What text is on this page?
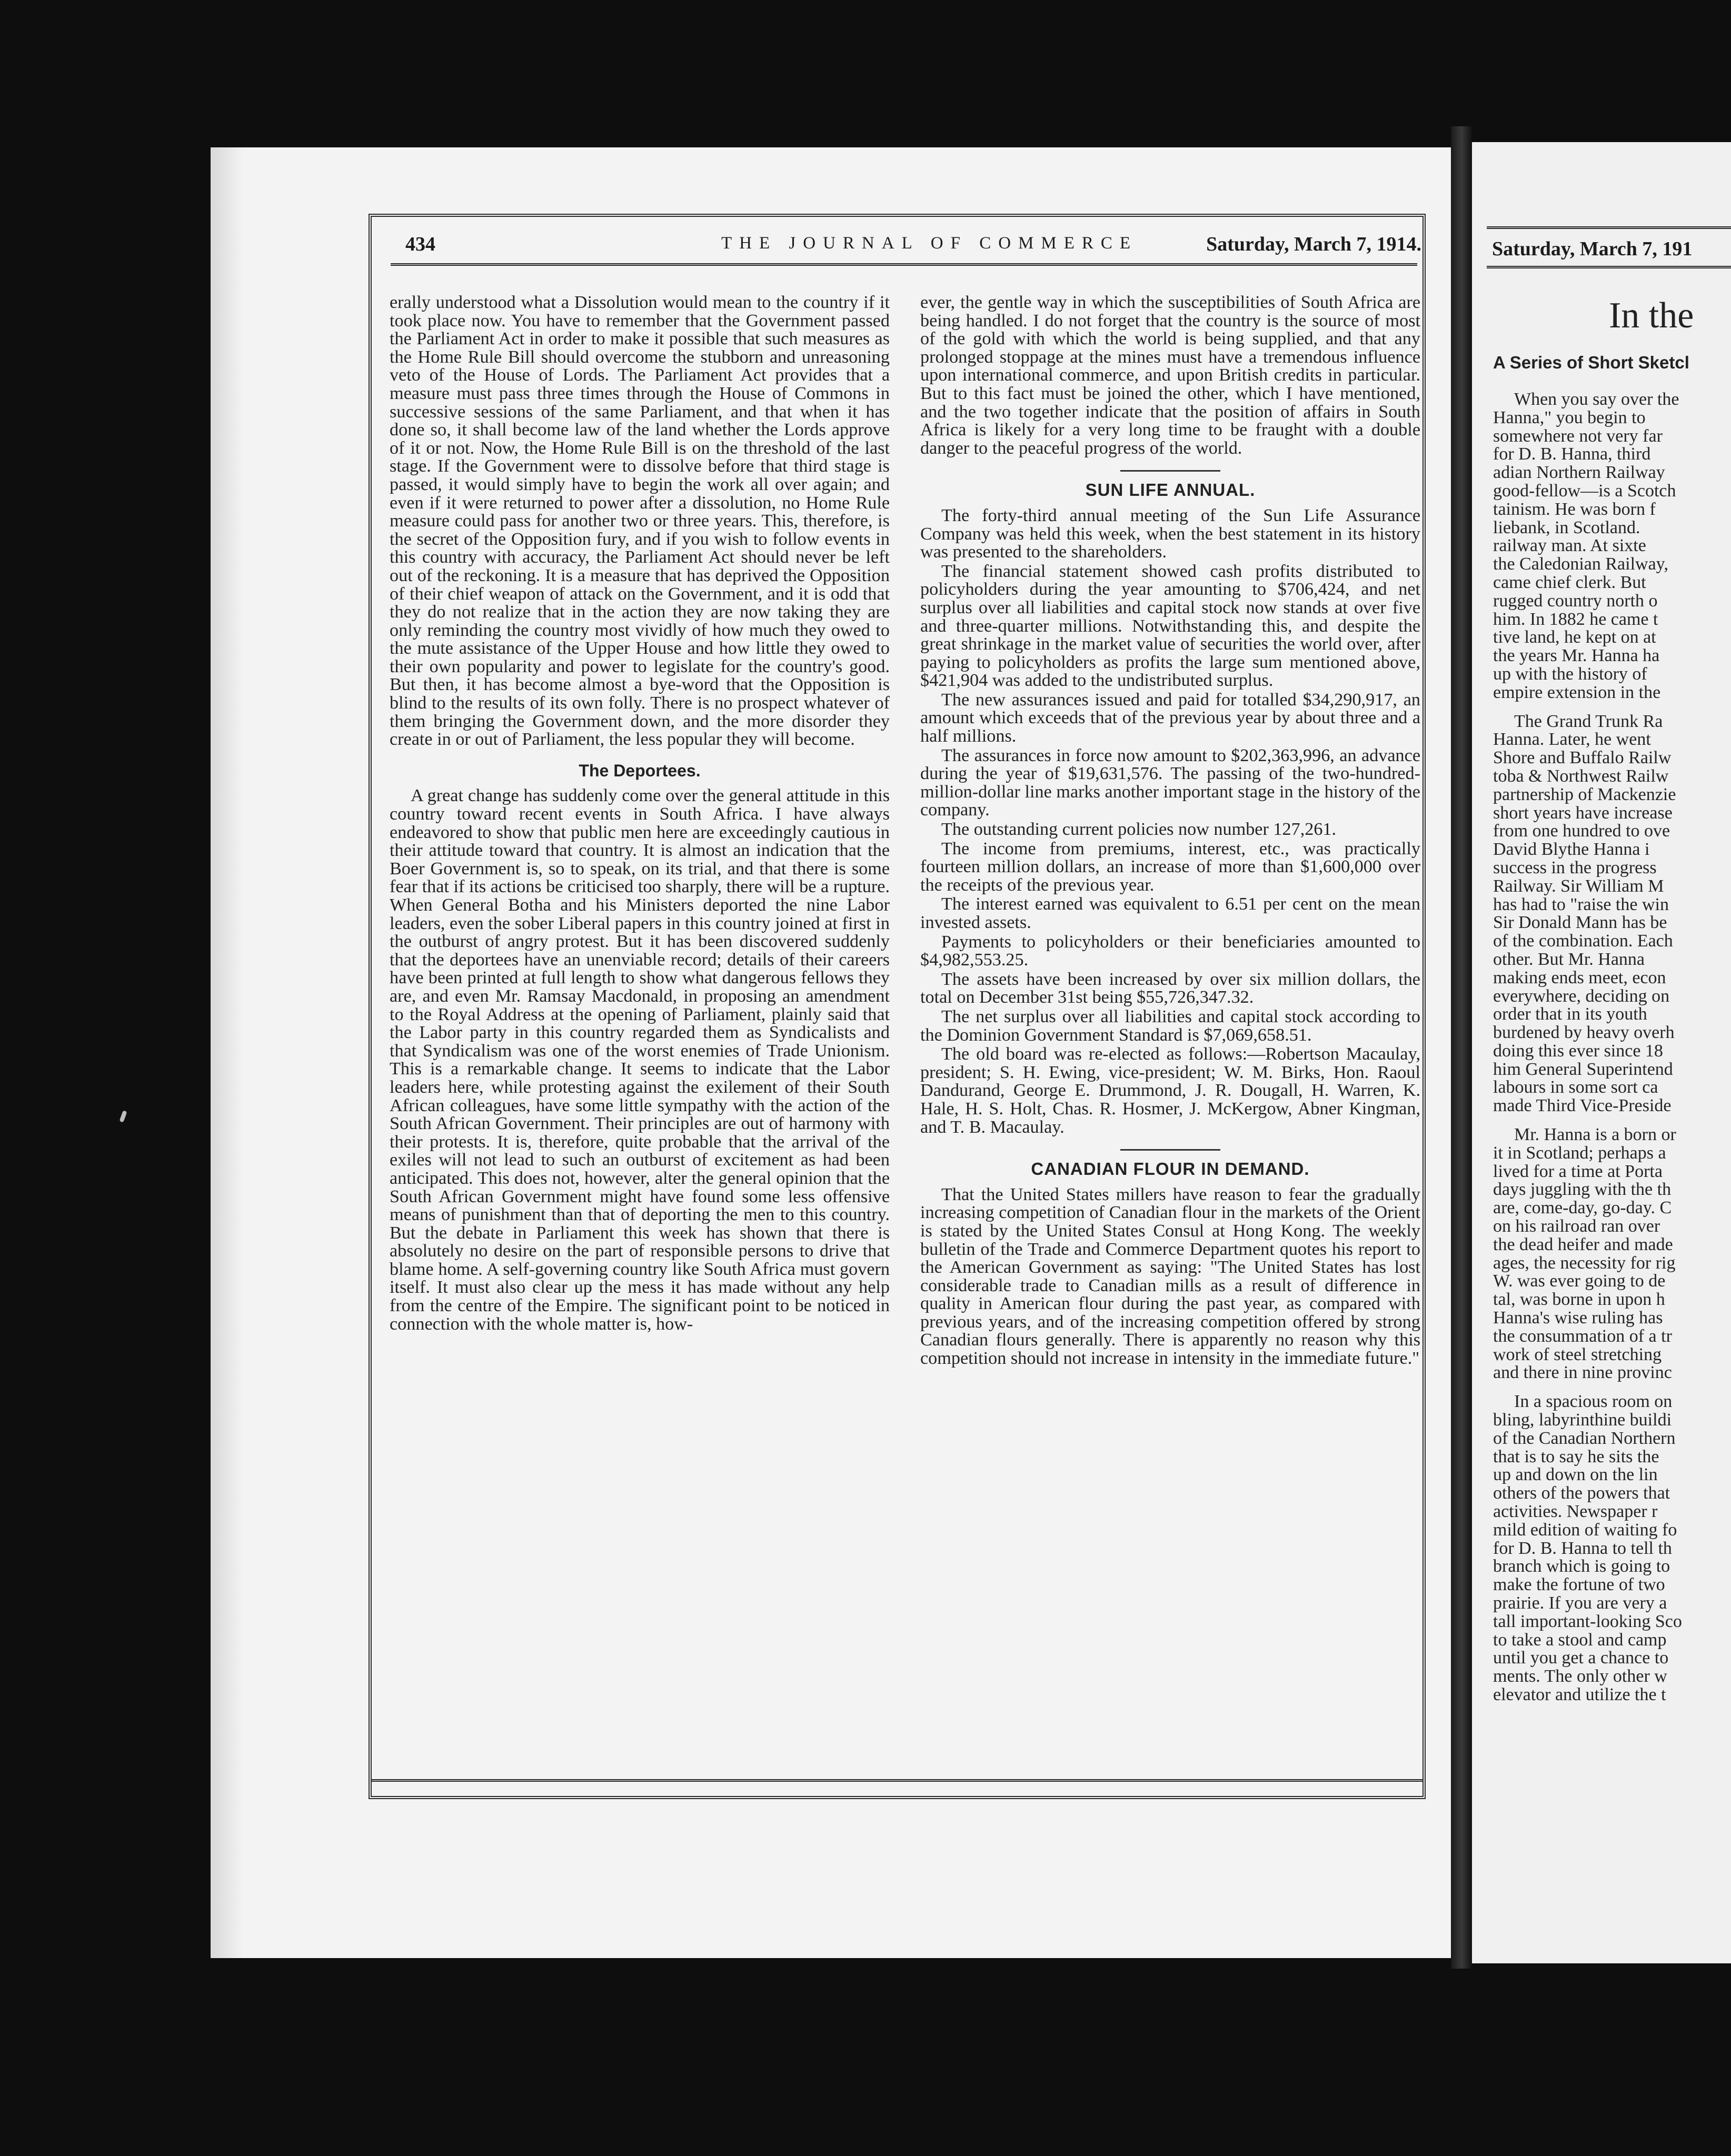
434	THE JOURNAL OF COMMERCE	Saturday, March 7, 1914.

erally understood what a Dissolution would mean to the country if it took place now. You have to remember that the Government passed the Parliament Act in order to make it possible that such measures as the Home Rule Bill should overcome the stubborn and unreasoning veto of the House of Lords. The Parliament Act provides that a measure must pass three times through the House of Commons in successive sessions of the same Parliament, and that when it has done so, it shall become law of the land whether the Lords approve of it or not. Now, the Home Rule Bill is on the threshold of the last stage. If the Government were to dissolve before that third stage is passed, it would simply have to begin the work all over again; and even if it were returned to power after a dissolution, no Home Rule measure could pass for another two or three years. This, therefore, is the secret of the Opposition fury, and if you wish to follow events in this country with accuracy, the Parliament Act should never be left out of the reckoning. It is a measure that has deprived the Opposition of their chief weapon of attack on the Government, and it is odd that they do not realize that in the action they are now taking they are only reminding the country most vividly of how much they owed to the mute assistance of the Upper House and how little they owed to their own popularity and power to legislate for the country's good. But then, it has become almost a bye-word that the Opposition is blind to the results of its own folly. There is no prospect whatever of them bringing the Government down, and the more disorder they create in or out of Parliament, the less popular they will become.

The Deportees.

A great change has suddenly come over the general attitude in this country toward recent events in South Africa. I have always endeavored to show that public men here are exceedingly cautious in their attitude toward that country. It is almost an indication that the Boer Government is, so to speak, on its trial, and that there is some fear that if its actions be criticised too sharply, there will be a rupture. When General Botha and his Ministers deported the nine Labor leaders, even the sober Liberal papers in this country joined at first in the outburst of angry protest. But it has been discovered suddenly that the deportees have an unenviable record; details of their careers have been printed at full length to show what dangerous fellows they are, and even Mr. Ramsay Macdonald, in proposing an amendment to the Royal Address at the opening of Parliament, plainly said that the Labor party in this country regarded them as Syndicalists and that Syndicalism was one of the worst enemies of Trade Unionism. This is a remarkable change. It seems to indicate that the Labor leaders here, while protesting against the exilement of their South African colleagues, have some little sympathy with the action of the South African Government. Their principles are out of harmony with their protests. It is, therefore, quite probable that the arrival of the exiles will not lead to such an outburst of excitement as had been anticipated. This does not, however, alter the general opinion that the South African Government might have found some less offensive means of punishment than that of deporting the men to this country. But the debate in Parliament this week has shown that there is absolutely no desire on the part of responsible persons to drive that blame home. A self-governing country like South Africa must govern itself. It must also clear up the mess it has made without any help from the centre of the Empire. The significant point to be noticed in connection with the whole matter is, how-

ever, the gentle way in which the susceptibilities of South Africa are being handled. I do not forget that the country is the source of most of the gold with which the world is being supplied, and that any prolonged stoppage at the mines must have a tremendous influence upon international commerce, and upon British credits in particular. But to this fact must be joined the other, which I have mentioned, and the two together indicate that the position of affairs in South Africa is likely for a very long time to be fraught with a double danger to the peaceful progress of the world.

SUN LIFE ANNUAL.

The forty-third annual meeting of the Sun Life Assurance Company was held this week, when the best statement in its history was presented to the shareholders.

The financial statement showed cash profits distributed to policyholders during the year amounting to $706,424, and net surplus over all liabilities and capital stock now stands at over five and three-quarter millions. Notwithstanding this, and despite the great shrinkage in the market value of securities the world over, after paying to policyholders as profits the large sum mentioned above, $421,904 was added to the undistributed surplus.

The new assurances issued and paid for totalled $34,290,917, an amount which exceeds that of the previous year by about three and a half millions.

The assurances in force now amount to $202,363,996, an advance during the year of $19,631,576. The passing of the two-hundred-million-dollar line marks another important stage in the history of the company.

The outstanding current policies now number 127,261.

The income from premiums, interest, etc., was practically fourteen million dollars, an increase of more than $1,600,000 over the receipts of the previous year.

The interest earned was equivalent to 6.51 per cent on the mean invested assets.

Payments to policyholders or their beneficiaries amounted to $4,982,553.25.

The assets have been increased by over six million dollars, the total on December 31st being $55,726,347.32.

The net surplus over all liabilities and capital stock according to the Dominion Government Standard is $7,069,658.51.

The old board was re-elected as follows:—Robertson Macaulay, president; S. H. Ewing, vice-president; W. M. Birks, Hon. Raoul Dandurand, George E. Drummond, J. R. Dougall, H. Warren, K. Hale, H. S. Holt, Chas. R. Hosmer, J. McKergow, Abner Kingman, and T. B. Macaulay.

CANADIAN FLOUR IN DEMAND.

That the United States millers have reason to fear the gradually increasing competition of Canadian flour in the markets of the Orient is stated by the United States Consul at Hong Kong. The weekly bulletin of the Trade and Commerce Department quotes his report to the American Government as saying: "The United States has lost considerable trade to Canadian mills as a result of difference in quality in American flour during the past year, as compared with previous years, and of the increasing competition offered by strong Canadian flours generally. There is apparently no reason why this competition should not increase in intensity in the immediate future."

Saturday, March 7, 191
In the
A Series of Short Sketcl
When you say over the
Hanna," you begin to
somewhere not very far
for D. B. Hanna, third
adian Northern Railway
good-fellow—is a Scotch
tainism. He was born f
liebank, in Scotland.
railway man. At sixte
the Caledonian Railway,
came chief clerk. But
rugged country north o
him. In 1882 he came t
tive land, he kept on at
the years Mr. Hanna ha
up with the history of
empire extension in the
The Grand Trunk Ra
Hanna. Later, he went
Shore and Buffalo Railw
toba & Northwest Railw
partnership of Mackenzie
short years have increase
from one hundred to ove
David Blythe Hanna i
success in the progress
Railway. Sir William M
has had to "raise the win
Sir Donald Mann has be
of the combination. Each
other. But Mr. Hanna
making ends meet, econ
everywhere, deciding on
order that in its youth
burdened by heavy overh
doing this ever since 18
him General Superintend
labours in some sort ca
made Third Vice-Preside
Mr. Hanna is a born or
it in Scotland; perhaps a
lived for a time at Porta
days juggling with the th
are, come-day, go-day. C
on his railroad ran over
the dead heifer and made
ages, the necessity for rig
W. was ever going to de
tal, was borne in upon h
Hanna's wise ruling has
the consummation of a tr
work of steel stretching
and there in nine provinc
In a spacious room on
bling, labyrinthine buildi
of the Canadian Northern
that is to say he sits the
up and down on the lin
others of the powers that
activities. Newspaper r
mild edition of waiting fo
for D. B. Hanna to tell th
branch which is going to
make the fortune of two
prairie. If you are very a
tall important-looking Sco
to take a stool and camp
until you get a chance to
ments. The only other w
elevator and utilize the t
